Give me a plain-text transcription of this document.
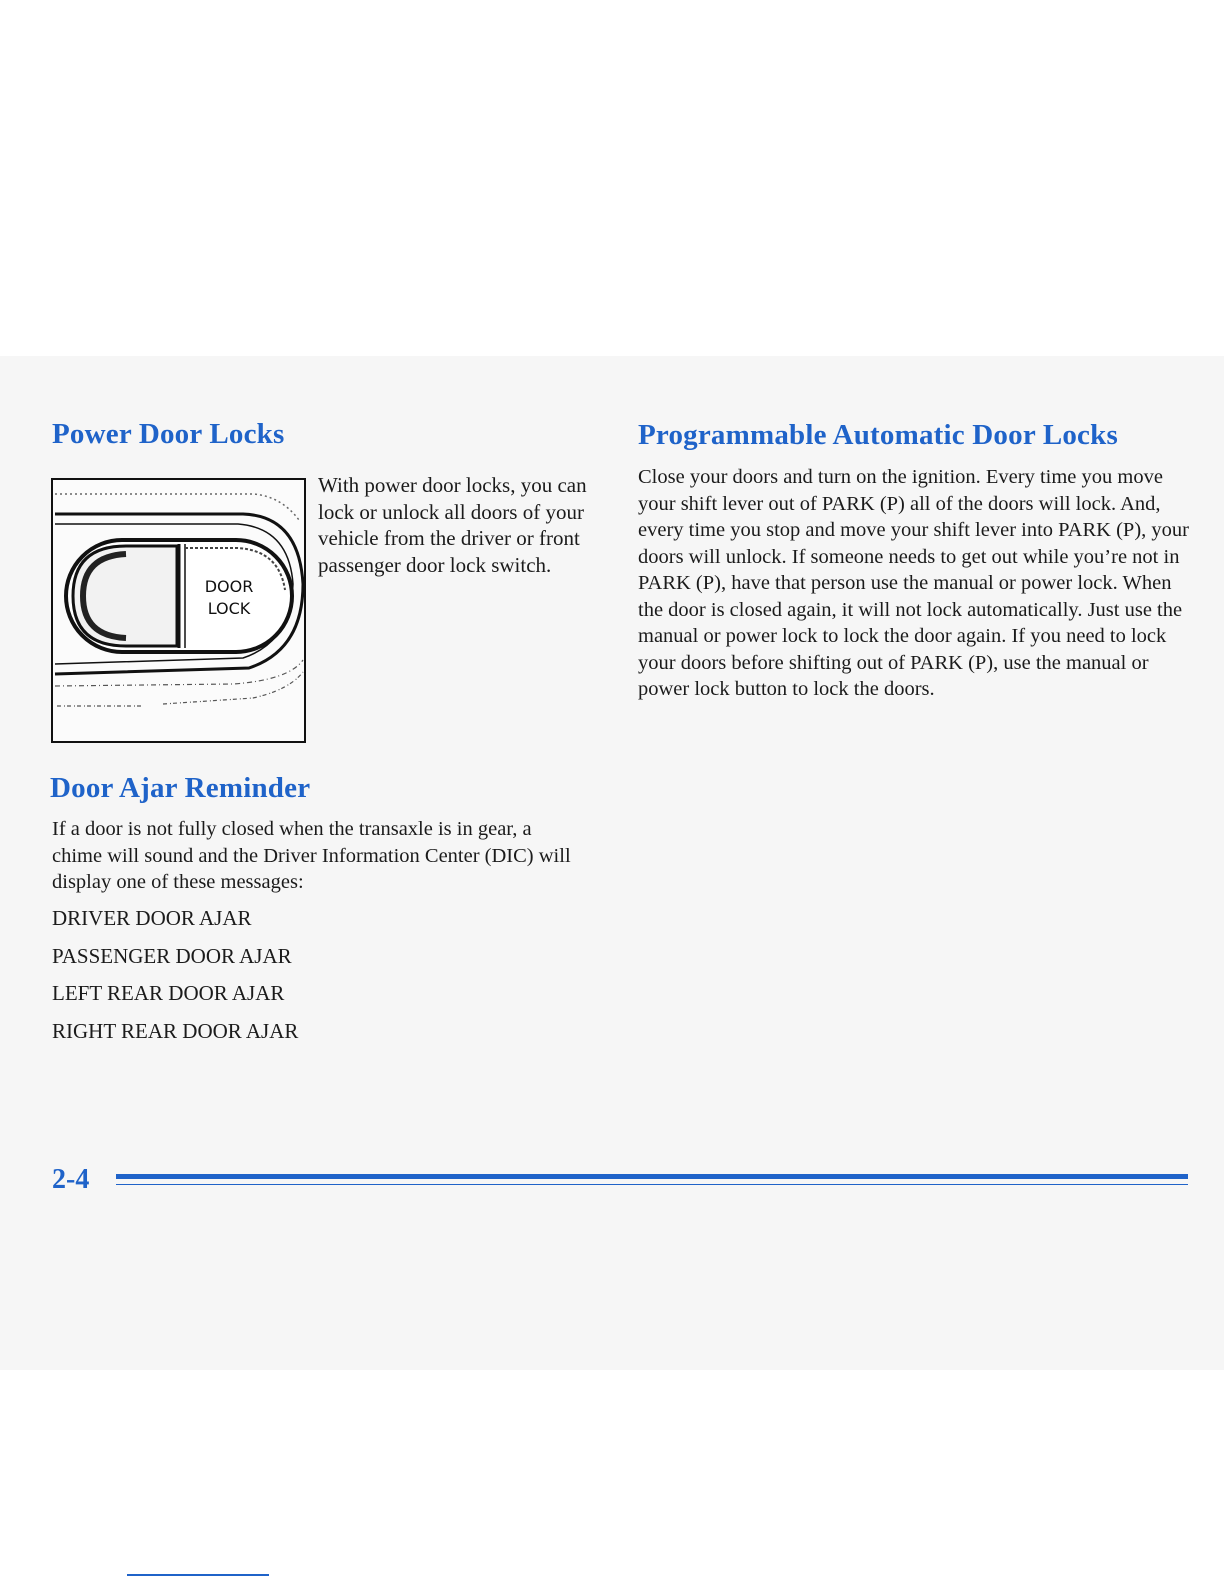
Power Door Locks
DOOR
LOCK

With power door locks, you can lock or unlock all doors of your vehicle from the driver or front passenger door lock switch.

Door Ajar Reminder

If a door is not fully closed when the transaxle is in gear, a chime will sound and the Driver Information Center (DIC) will display one of these messages:

DRIVER DOOR AJAR

PASSENGER DOOR AJAR

LEFT REAR DOOR AJAR

RIGHT REAR DOOR AJAR

Programmable Automatic Door Locks

Close your doors and turn on the ignition. Every time you move your shift lever out of PARK (P) all of the doors will lock. And, every time you stop and move your shift lever into PARK (P), your doors will unlock. If someone needs to get out while you’re not in PARK (P), have that person use the manual or power lock. When the door is closed again, it will not lock automatically. Just use the manual or power lock to lock the door again. If you need to lock your doors before shifting out of PARK (P), use the manual or power lock button to lock the doors.

2-4
